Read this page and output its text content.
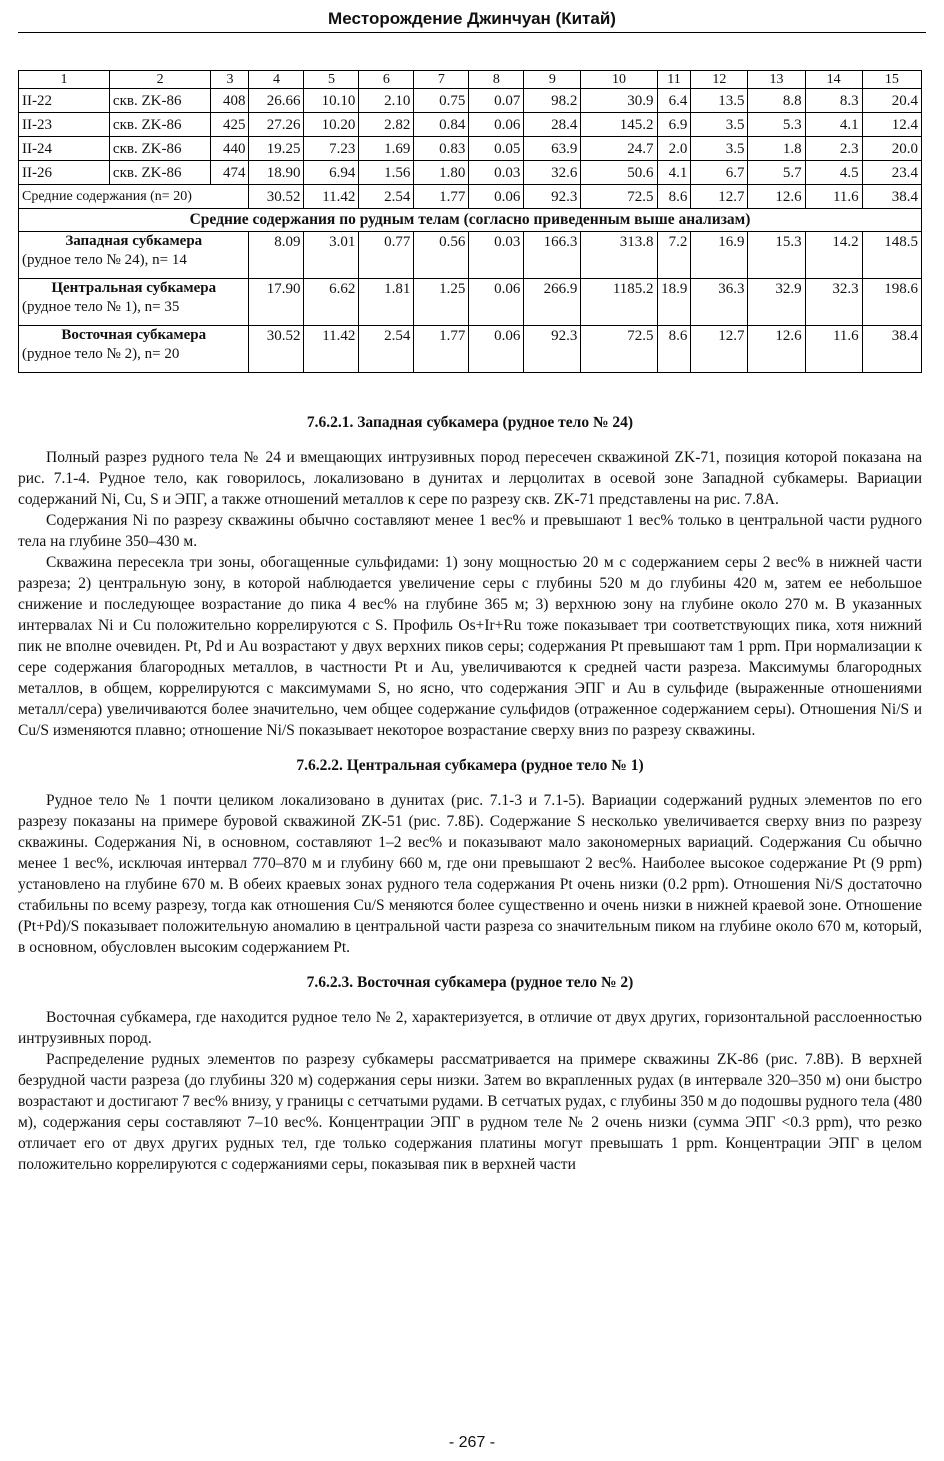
Месторождение Джинчуан (Китай)
1	2	3	4	5	6	7	8	9	10	11	12	13	14	15
II-22	скв. ZK-86	408	26.66	10.10	2.10	0.75	0.07	98.2	30.9	6.4	13.5	8.8	8.3	20.4
II-23	скв. ZK-86	425	27.26	10.20	2.82	0.84	0.06	28.4	145.2	6.9	3.5	5.3	4.1	12.4
II-24	скв. ZK-86	440	19.25	7.23	1.69	0.83	0.05	63.9	24.7	2.0	3.5	1.8	2.3	20.0
II-26	скв. ZK-86	474	18.90	6.94	1.56	1.80	0.03	32.6	50.6	4.1	6.7	5.7	4.5	23.4
Средние содержания (n= 20)			30.52	11.42	2.54	1.77	0.06	92.3	72.5	8.6	12.7	12.6	11.6	38.4
Средние содержания по рудным телам (согласно приведенным выше анализам)														

Западная субкамера
(рудное тело № 24), n= 14			8.09	3.01	0.77	0.56	0.03	166.3	313.8	7.2	16.9	15.3	14.2	148.5

Центральная субкамера
(рудное тело № 1), n= 35			17.90	6.62	1.81	1.25	0.06	266.9	1185.2	18.9	36.3	32.9	32.3	198.6

Восточная субкамера
(рудное тело № 2), n= 20			30.52	11.42	2.54	1.77	0.06	92.3	72.5	8.6	12.7	12.6	11.6	38.4
7.6.2.1. Западная субкамера (рудное тело № 24)

Полный разрез рудного тела № 24 и вмещающих интрузивных пород пересечен скважиной ZK-71, позиция которой показана на рис. 7.1-4. Рудное тело, как говорилось, локализовано в дунитах и лерцолитах в осевой зоне Западной субкамеры. Вариации содержаний Ni, Cu, S и ЭПГ, а также отношений металлов к сере по разрезу скв. ZK-71 представлены на рис. 7.8А.

Содержания Ni по разрезу скважины обычно составляют менее 1 вес% и превышают 1 вес% только в центральной части рудного тела на глубине 350–430 м.

Скважина пересекла три зоны, обогащенные сульфидами: 1) зону мощностью 20 м с содержанием серы 2 вес% в нижней части разреза; 2) центральную зону, в которой наблюдается увеличение серы с глубины 520 м до глубины 420 м, затем ее небольшое снижение и последующее возрастание до пика 4 вес% на глубине 365 м; 3) верхнюю зону на глубине около 270 м. В указанных интервалах Ni и Cu положительно коррелируются с S. Профиль Os+Ir+Ru тоже показывает три соответствующих пика, хотя нижний пик не вполне очевиден. Pt, Pd и Au возрастают у двух верхних пиков серы; содержания Pt превышают там 1 ppm. При нормализации к сере содержания благородных металлов, в частности Pt и Au, увеличиваются к средней части разреза. Максимумы благородных металлов, в общем, коррелируются с максимумами S, но ясно, что содержания ЭПГ и Au в сульфиде (выраженные отношениями металл/сера) увеличиваются более значительно, чем общее содержание сульфидов (отраженное содержанием серы). Отношения Ni/S и Cu/S изменяются плавно; отношение Ni/S показывает некоторое возрастание сверху вниз по разрезу скважины.

7.6.2.2. Центральная субкамера (рудное тело № 1)

Рудное тело № 1 почти целиком локализовано в дунитах (рис. 7.1-3 и 7.1-5). Вариации содержаний рудных элементов по его разрезу показаны на примере буровой скважиной ZK-51 (рис. 7.8Б). Содержание S несколько увеличивается сверху вниз по разрезу скважины. Содержания Ni, в основном, составляют 1–2 вес% и показывают мало закономерных вариаций. Содержания Cu обычно менее 1 вес%, исключая интервал 770–870 м и глубину 660 м, где они превышают 2 вес%. Наиболее высокое содержание Pt (9 ppm) установлено на глубине 670 м. В обеих краевых зонах рудного тела содержания Pt очень низки (0.2 ppm). Отношения Ni/S достаточно стабильны по всему разрезу, тогда как отношения Cu/S меняются более существенно и очень низки в нижней краевой зоне. Отношение (Pt+Pd)/S показывает положительную аномалию в центральной части разреза со значительным пиком на глубине около 670 м, который, в основном, обусловлен высоким содержанием Pt.

7.6.2.3. Восточная субкамера (рудное тело № 2)

Восточная субкамера, где находится рудное тело № 2, характеризуется, в отличие от двух других, горизонтальной расслоенностью интрузивных пород.

Распределение рудных элементов по разрезу субкамеры рассматривается на примере скважины ZK-86 (рис. 7.8В). В верхней безрудной части разреза (до глубины 320 м) содержания серы низки. Затем во вкрапленных рудах (в интервале 320–350 м) они быстро возрастают и достигают 7 вес% внизу, у границы с сетчатыми рудами. В сетчатых рудах, с глубины 350 м до подошвы рудного тела (480 м), содержания серы составляют 7–10 вес%. Концентрации ЭПГ в рудном теле № 2 очень низки (сумма ЭПГ <0.3 ppm), что резко отличает его от двух других рудных тел, где только содержания платины могут превышать 1 ppm. Концентрации ЭПГ в целом положительно коррелируются с содержаниями серы, показывая пик в верхней части

- 267 -
